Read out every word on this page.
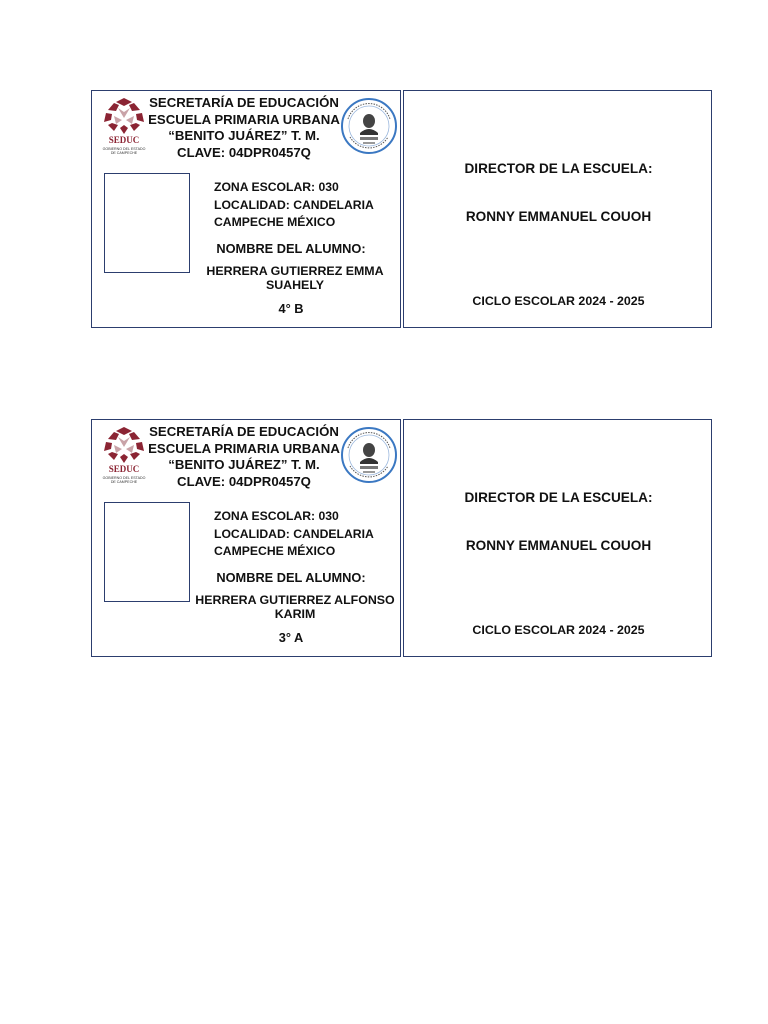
SEDUC
GOBIERNO DEL ESTADO
DE CAMPECHE
SECRETARÍA DE EDUCACIÓN
ESCUELA PRIMARIA URBANA
“BENITO JUÁREZ” T. M.
CLAVE: 04DPR0457Q
ZONA ESCOLAR: 030
LOCALIDAD: CANDELARIA
CAMPECHE MÉXICO
NOMBRE DEL ALUMNO:
HERRERA GUTIERREZ EMMA SUAHELY
4° B
DIRECTOR DE LA ESCUELA:
RONNY EMMANUEL COUOH
CICLO ESCOLAR 2024 - 2025
SEDUC
GOBIERNO DEL ESTADO
DE CAMPECHE
SECRETARÍA DE EDUCACIÓN
ESCUELA PRIMARIA URBANA
“BENITO JUÁREZ” T. M.
CLAVE: 04DPR0457Q
ZONA ESCOLAR: 030
LOCALIDAD: CANDELARIA
CAMPECHE MÉXICO
NOMBRE DEL ALUMNO:
HERRERA GUTIERREZ ALFONSO KARIM
3° A
DIRECTOR DE LA ESCUELA:
RONNY EMMANUEL COUOH
CICLO ESCOLAR 2024 - 2025
